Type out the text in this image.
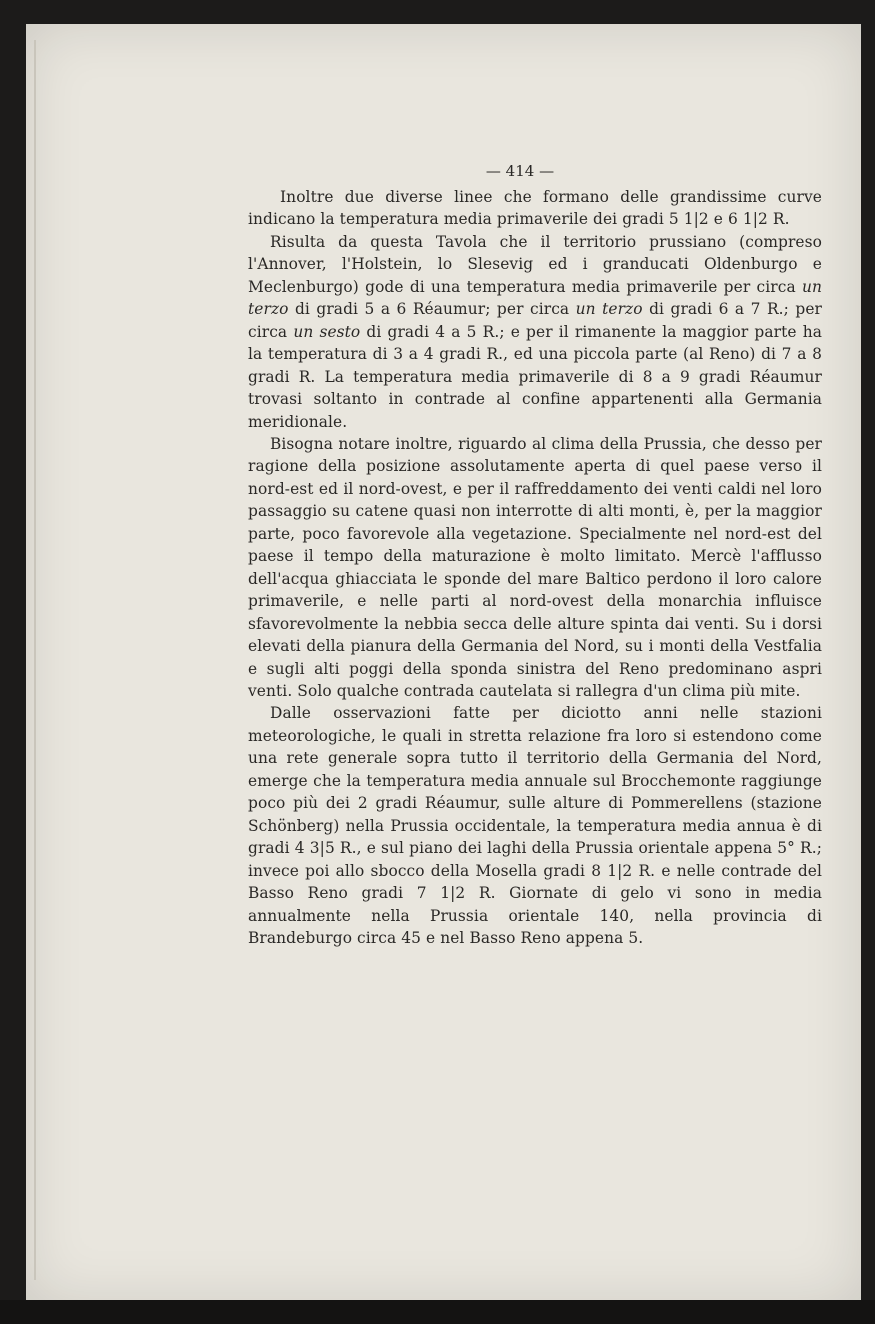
— 414 —

Inoltre due diverse linee che formano delle grandissime curve indicano la temperatura media primaverile dei gradi 5 1|2 e 6 1|2 R.

Risulta da questa Tavola che il territorio prussiano (compreso l'Annover, l'Holstein, lo Slesevig ed i granducati Oldenburgo e Meclenburgo) gode di una temperatura media primaverile per circa un terzo di gradi 5 a 6 Réaumur; per circa un terzo di gradi 6 a 7 R.; per circa un sesto di gradi 4 a 5 R.; e per il rimanente la maggior parte ha la temperatura di 3 a 4 gradi R., ed una piccola parte (al Reno) di 7 a 8 gradi R. La temperatura media primaverile di 8 a 9 gradi Réaumur trovasi soltanto in contrade al confine appartenenti alla Germania meridionale.

Bisogna notare inoltre, riguardo al clima della Prussia, che desso per ragione della posizione assolutamente aperta di quel paese verso il nord-est ed il nord-ovest, e per il raffreddamento dei venti caldi nel loro passaggio su catene quasi non interrotte di alti monti, è, per la maggior parte, poco favorevole alla vegetazione. Specialmente nel nord-est del paese il tempo della maturazione è molto limitato. Mercè l'afflusso dell'acqua ghiacciata le sponde del mare Baltico perdono il loro calore primaverile, e nelle parti al nord-ovest della monarchia influisce sfavorevolmente la nebbia secca delle alture spinta dai venti. Su i dorsi elevati della pianura della Germania del Nord, su i monti della Vestfalia e sugli alti poggi della sponda sinistra del Reno predominano aspri venti. Solo qualche contrada cautelata si rallegra d'un clima più mite.

Dalle osservazioni fatte per diciotto anni nelle stazioni meteorologiche, le quali in stretta relazione fra loro si estendono come una rete generale sopra tutto il territorio della Germania del Nord, emerge che la temperatura media annuale sul Brocchemonte raggiunge poco più dei 2 gradi Réaumur, sulle alture di Pommerellens (stazione Schönberg) nella Prussia occidentale, la temperatura media annua è di gradi 4 3|5 R., e sul piano dei laghi della Prussia orientale appena 5° R.; invece poi allo sbocco della Mosella gradi 8 1|2 R. e nelle contrade del Basso Reno gradi 7 1|2 R. Giornate di gelo vi sono in media annualmente nella Prussia orientale 140, nella provincia di Brandeburgo circa 45 e nel Basso Reno appena 5.
